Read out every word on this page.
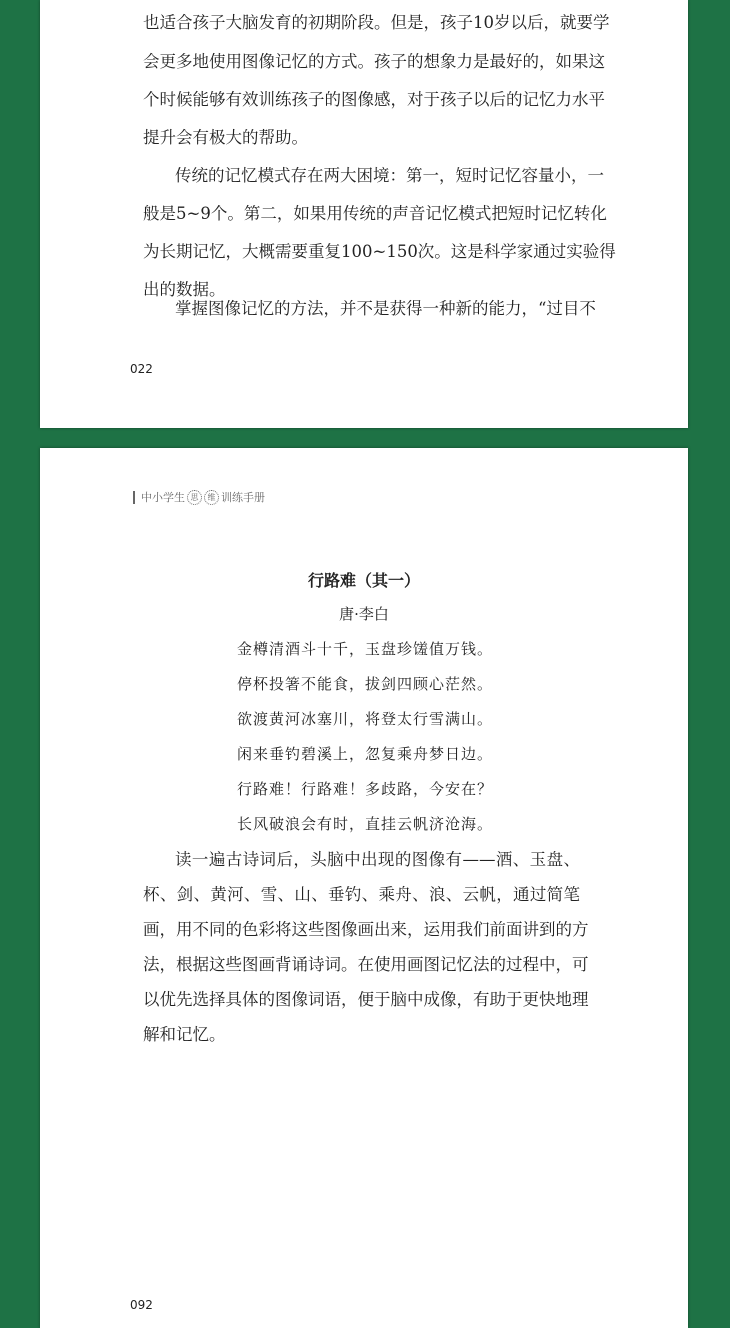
也适合孩子大脑发育的初期阶段。但是，孩子10岁以后，就要学
会更多地使用图像记忆的方式。孩子的想象力是最好的，如果这
个时候能够有效训练孩子的图像感，对于孩子以后的记忆力水平
提升会有极大的帮助。
传统的记忆模式存在两大困境：第一，短时记忆容量小，一
般是5~9个。第二，如果用传统的声音记忆模式把短时记忆转化
为长期记忆，大概需要重复100~150次。这是科学家通过实验得
出的数据。
掌握图像记忆的方法，并不是获得一种新的能力，“过目不
022
中小学生 思	维 训练手册
行路难（其一）
唐·李白
金樽清酒斗十千，玉盘珍馐值万钱。
停杯投箸不能食，拔剑四顾心茫然。
欲渡黄河冰塞川，将登太行雪满山。
闲来垂钓碧溪上，忽复乘舟梦日边。
行路难！行路难！多歧路，今安在？
长风破浪会有时，直挂云帆济沧海。
读一遍古诗词后，头脑中出现的图像有——酒、玉盘、
杯、剑、黄河、雪、山、垂钓、乘舟、浪、云帆，通过简笔
画，用不同的色彩将这些图像画出来，运用我们前面讲到的方
法，根据这些图画背诵诗词。在使用画图记忆法的过程中，可
以优先选择具体的图像词语，便于脑中成像，有助于更快地理
解和记忆。
092
